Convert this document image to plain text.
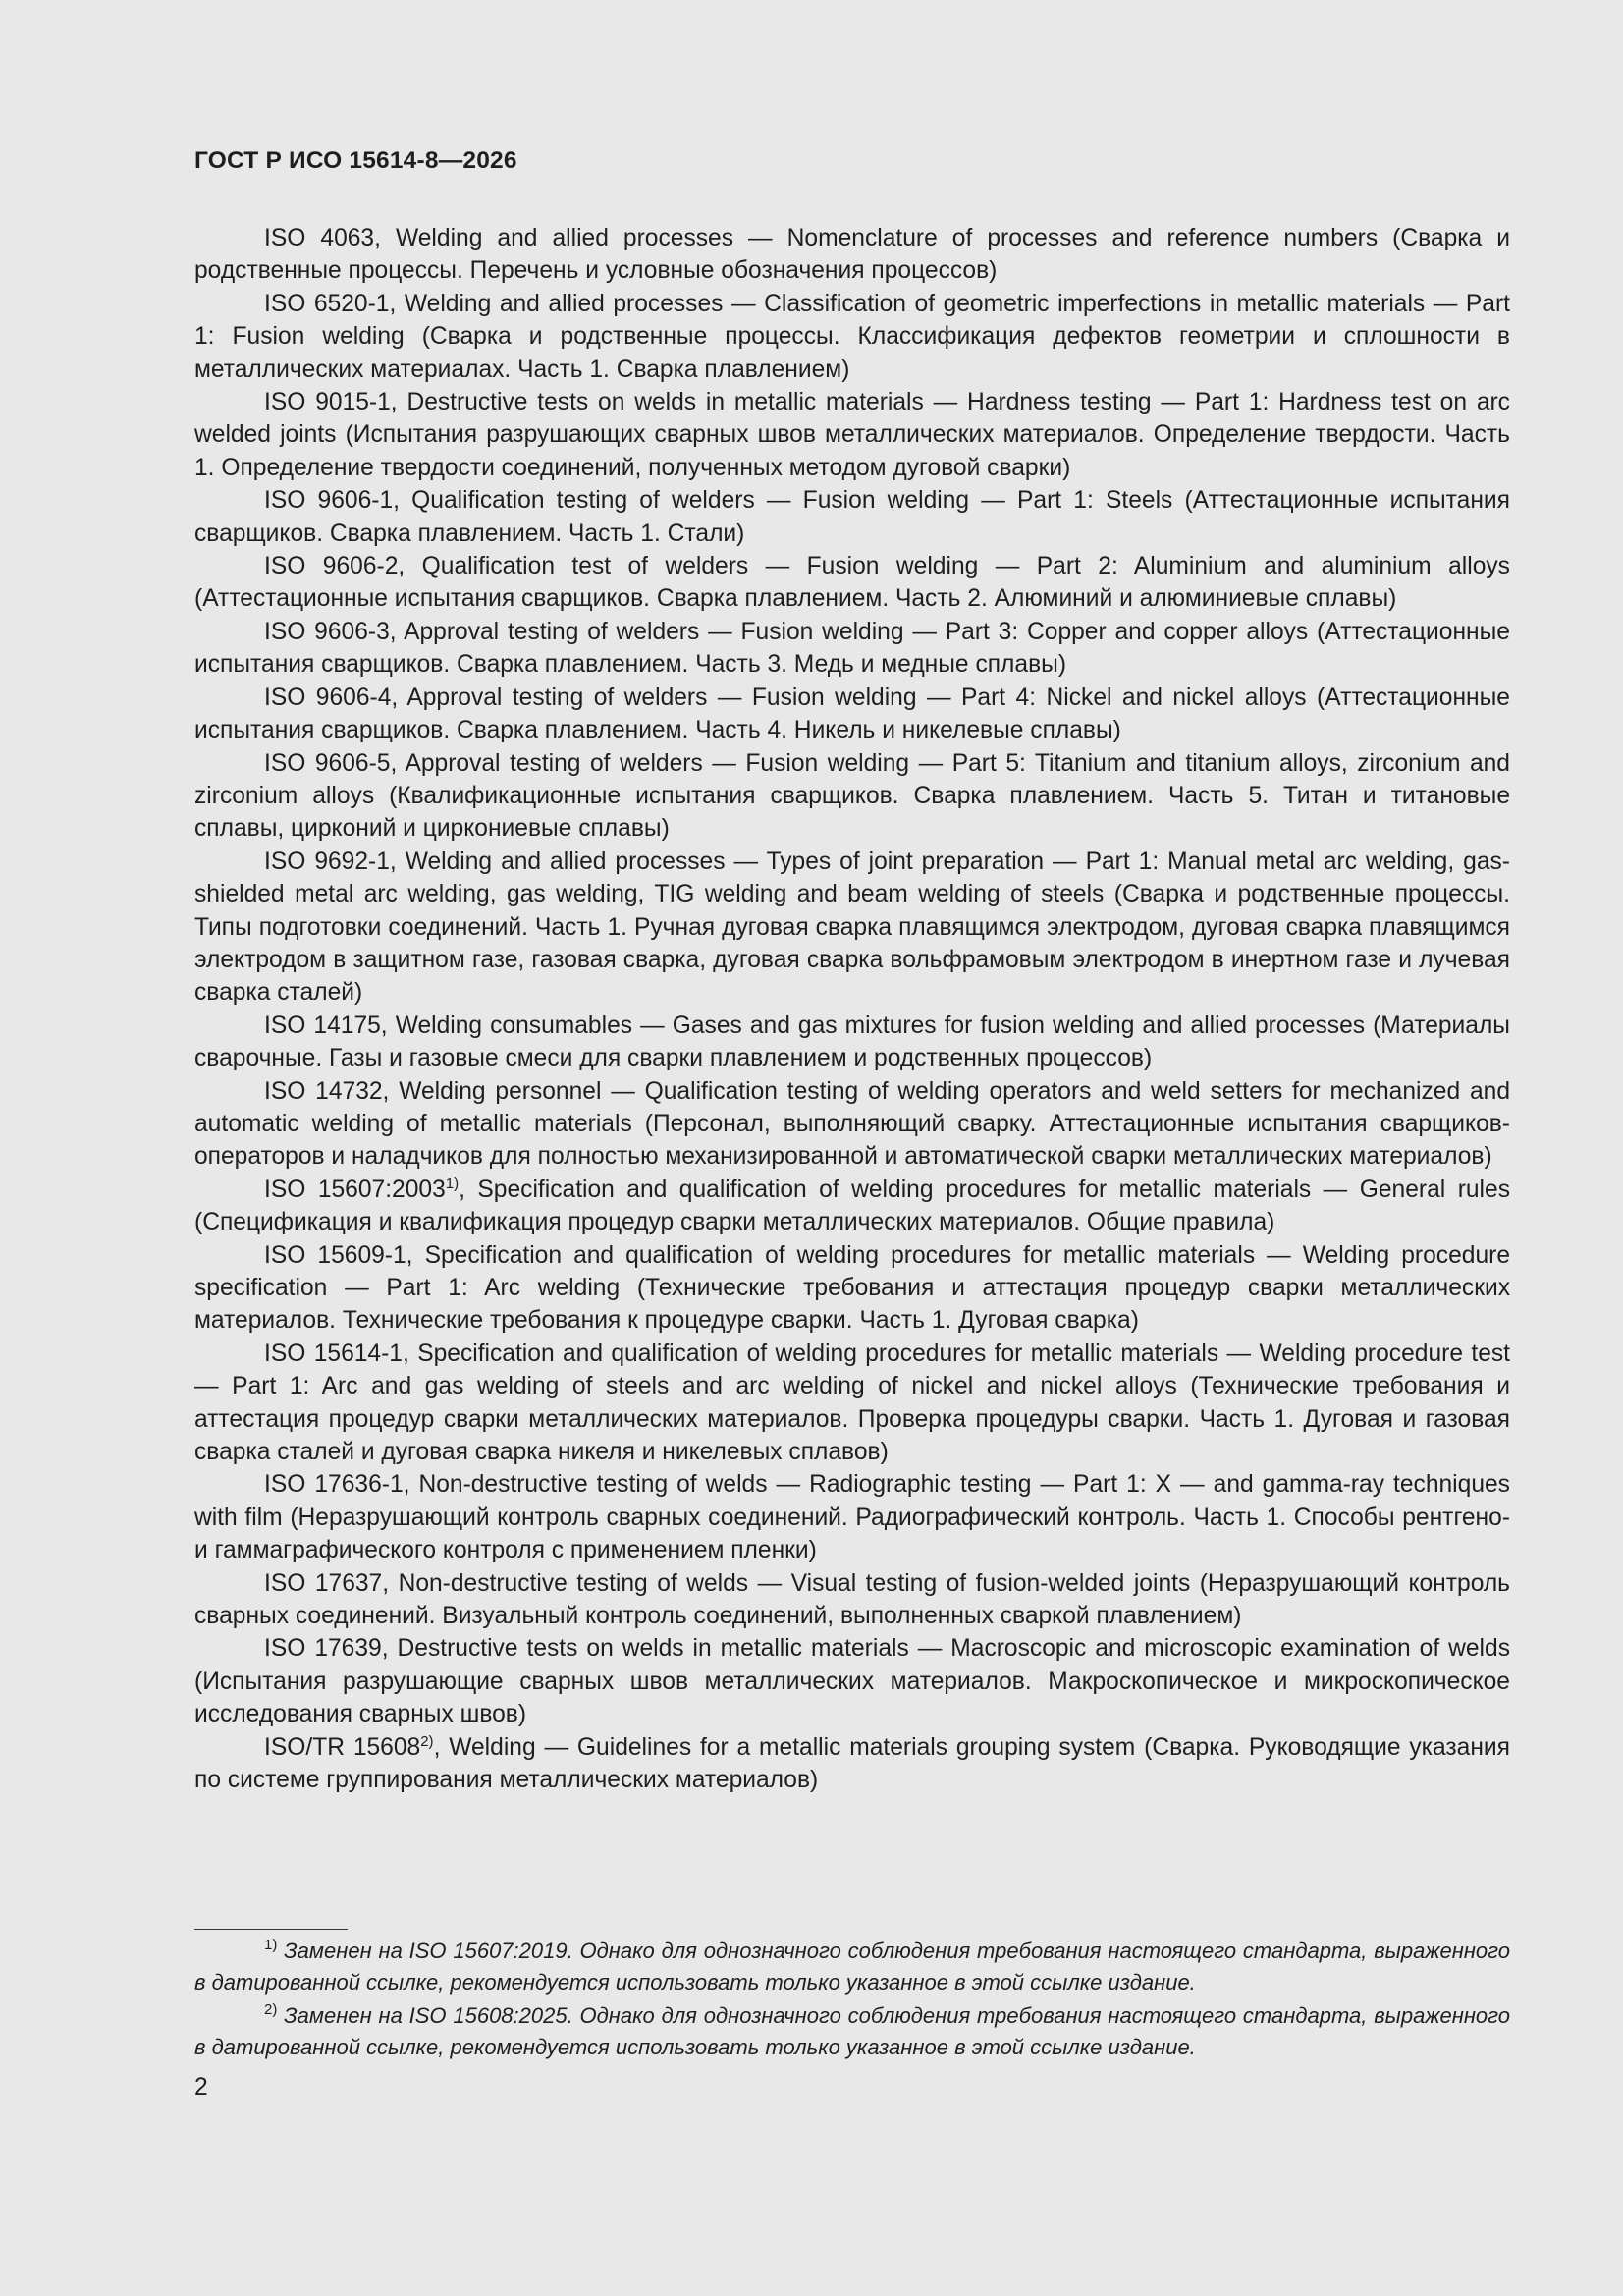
ГОСТ Р ИСО 15614-8—2026

ISO 4063, Welding and allied processes — Nomenclature of processes and reference numbers (Сварка и родственные процессы. Перечень и условные обозначения процессов)

ISO 6520-1, Welding and allied processes — Classification of geometric imperfections in metallic materials — Part 1: Fusion welding (Сварка и родственные процессы. Классификация дефектов геометрии и сплошности в металлических материалах. Часть 1. Сварка плавлением)

ISO 9015-1, Destructive tests on welds in metallic materials — Hardness testing — Part 1: Hardness test on arc welded joints (Испытания разрушающих сварных швов металлических материалов. Определение твердости. Часть 1. Определение твердости соединений, полученных методом дуговой сварки)

ISO 9606-1, Qualification testing of welders — Fusion welding — Part 1: Steels (Аттестационные испытания сварщиков. Сварка плавлением. Часть 1. Стали)

ISO 9606-2, Qualification test of welders — Fusion welding — Part 2: Aluminium and aluminium alloys (Аттестационные испытания сварщиков. Сварка плавлением. Часть 2. Алюминий и алюминиевые сплавы)

ISO 9606-3, Approval testing of welders — Fusion welding — Part 3: Copper and copper alloys (Аттестационные испытания сварщиков. Сварка плавлением. Часть 3. Медь и медные сплавы)

ISO 9606-4, Approval testing of welders — Fusion welding — Part 4: Nickel and nickel alloys (Аттестационные испытания сварщиков. Сварка плавлением. Часть 4. Никель и никелевые сплавы)

ISO 9606-5, Approval testing of welders — Fusion welding — Part 5: Titanium and titanium alloys, zirconium and zirconium alloys (Квалификационные испытания сварщиков. Сварка плавлением. Часть 5. Титан и титановые сплавы, цирконий и циркониевые сплавы)

ISO 9692-1, Welding and allied processes — Types of joint preparation — Part 1: Manual metal arc welding, gas-shielded metal arc welding, gas welding, TIG welding and beam welding of steels (Сварка и родственные процессы. Типы подготовки соединений. Часть 1. Ручная дуговая сварка плавящимся электродом, дуговая сварка плавящимся электродом в защитном газе, газовая сварка, дуговая сварка вольфрамовым электродом в инертном газе и лучевая сварка сталей)

ISO 14175, Welding consumables — Gases and gas mixtures for fusion welding and allied processes (Материалы сварочные. Газы и газовые смеси для сварки плавлением и родственных процессов)

ISO 14732, Welding personnel — Qualification testing of welding operators and weld setters for mechanized and automatic welding of metallic materials (Персонал, выполняющий сварку. Аттестационные испытания сварщиков-операторов и наладчиков для полностью механизированной и автоматической сварки металлических материалов)

ISO 15607:2003$^{1)}$, Specification and qualification of welding procedures for metallic materials — General rules (Спецификация и квалификация процедур сварки металлических материалов. Общие правила)

ISO 15609-1, Specification and qualification of welding procedures for metallic materials — Welding procedure specification — Part 1: Arc welding (Технические требования и аттестация процедур сварки металлических материалов. Технические требования к процедуре сварки. Часть 1. Дуговая сварка)

ISO 15614-1, Specification and qualification of welding procedures for metallic materials — Welding procedure test — Part 1: Arc and gas welding of steels and arc welding of nickel and nickel alloys (Технические требования и аттестация процедур сварки металлических материалов. Проверка процедуры сварки. Часть 1. Дуговая и газовая сварка сталей и дуговая сварка никеля и никелевых сплавов)

ISO 17636-1, Non-destructive testing of welds — Radiographic testing — Part 1: X — and gamma-ray techniques with film (Неразрушающий контроль сварных соединений. Радиографический контроль. Часть 1. Способы рентгено- и гаммаграфического контроля с применением пленки)

ISO 17637, Non-destructive testing of welds — Visual testing of fusion-welded joints (Неразрушающий контроль сварных соединений. Визуальный контроль соединений, выполненных сваркой плавлением)

ISO 17639, Destructive tests on welds in metallic materials — Macroscopic and microscopic examination of welds (Испытания разрушающие сварных швов металлических материалов. Макроскопическое и микроскопическое исследования сварных швов)

ISO/TR 15608$^{2)}$, Welding — Guidelines for a metallic materials grouping system (Сварка. Руководящие указания по системе группирования металлических материалов)

$^{1)}$ Заменен на ISO 15607:2019. Однако для однозначного соблюдения требования настоящего стандарта, выраженного в датированной ссылке, рекомендуется использовать только указанное в этой ссылке издание.

$^{2)}$ Заменен на ISO 15608:2025. Однако для однозначного соблюдения требования настоящего стандарта, выраженного в датированной ссылке, рекомендуется использовать только указанное в этой ссылке издание.

2
